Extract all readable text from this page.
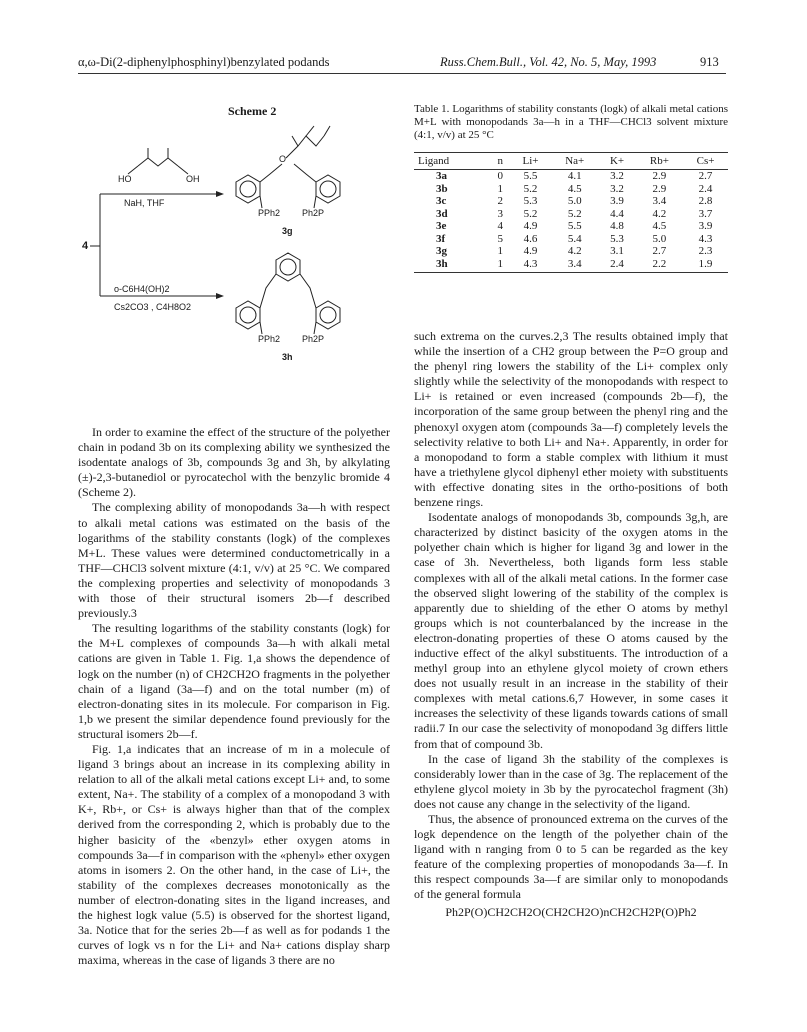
α,ω-Di(2-diphenylphosphinyl)benzylated podands	Russ.Chem.Bull., Vol. 42, No. 5, May, 1993	913
Scheme 2
HO	OH
NaH, THF
4
o-C6H4(OH)2
Cs2CO3 , C4H8O2
PPh2 Ph2P
O
3g
PPh2 Ph2P
3h
Table 1. Logarithms of stability constants (logk) of alkali metal cations M+L with monopodands 3a—h in a THF—CHCl3 solvent mixture (4:1, v/v) at 25 °C
Ligand	n	Li+	Na+	K+	Rb+	Cs+
3a	0	5.5	4.1	3.2	2.9	2.7
3b	1	5.2	4.5	3.2	2.9	2.4
3c	2	5.3	5.0	3.9	3.4	2.8
3d	3	5.2	5.2	4.4	4.2	3.7
3e	4	4.9	5.5	4.8	4.5	3.9
3f	5	4.6	5.4	5.3	5.0	4.3
3g	1	4.9	4.2	3.1	2.7	2.3
3h	1	4.3	3.4	2.4	2.2	1.9

In order to examine the effect of the structure of the polyether chain in podand 3b on its complexing ability we synthesized the isodentate analogs of 3b, compounds 3g and 3h, by alkylating (±)-2,3-butanediol or pyrocatechol with the benzylic bromide 4 (Scheme 2).

The complexing ability of monopodands 3a—h with respect to alkali metal cations was estimated on the basis of the logarithms of the stability constants (logk) of the complexes M+L. These values were determined conductometrically in a THF—CHCl3 solvent mixture (4:1, v/v) at 25 °C. We compared the complexing properties and selectivity of monopodands 3 with those of their structural isomers 2b—f described previously.3

The resulting logarithms of the stability constants (logk) for the M+L complexes of compounds 3a—h with alkali metal cations are given in Table 1. Fig. 1,a shows the dependence of logk on the number (n) of CH2CH2O fragments in the polyether chain of a ligand (3a—f) and on the total number (m) of electron-donating sites in its molecule. For comparison in Fig. 1,b we present the similar dependence found previously for the structural isomers 2b—f.

Fig. 1,a indicates that an increase of m in a molecule of ligand 3 brings about an increase in its complexing ability in relation to all of the alkali metal cations except Li+ and, to some extent, Na+. The stability of a complex of a monopodand 3 with K+, Rb+, or Cs+ is always higher than that of the complex derived from the corresponding 2, which is probably due to the higher basicity of the «benzyl» ether oxygen atoms in compounds 3a—f in comparison with the «phenyl» ether oxygen atoms in isomers 2. On the other hand, in the case of Li+, the stability of the complexes decreases monotonically as the number of electron-donating sites in the ligand increases, and the highest logk value (5.5) is observed for the shortest ligand, 3a. Notice that for the series 2b—f as well as for podands 1 the curves of logk vs n for the Li+ and Na+ cations display sharp maxima, whereas in the case of ligands 3 there are no

such extrema on the curves.2,3 The results obtained imply that while the insertion of a CH2 group between the P=O group and the phenyl ring lowers the stability of the Li+ complex only slightly while the selectivity of the monopodands with respect to Li+ is retained or even increased (compounds 2b—f), the incorporation of the same group between the phenyl ring and the phenoxyl oxygen atom (compounds 3a—f) completely levels the selectivity relative to both Li+ and Na+. Apparently, in order for a monopodand to form a stable complex with lithium it must have a triethylene glycol diphenyl ether moiety with substituents with effective donating sites in the ortho-positions of both benzene rings.

Isodentate analogs of monopodands 3b, compounds 3g,h, are characterized by distinct basicity of the oxygen atoms in the polyether chain which is higher for ligand 3g and lower in the case of 3h. Nevertheless, both ligands form less stable complexes with all of the alkali metal cations. In the former case the observed slight lowering of the stability of the complex is apparently due to shielding of the ether O atoms by methyl groups which is not counterbalanced by the increase in the electron-donating properties of these O atoms caused by the inductive effect of the alkyl substituents. The introduction of a methyl group into an ethylene glycol moiety of crown ethers does not usually result in an increase in the stability of their complexes with metal cations.6,7 However, in some cases it increases the selectivity of these ligands towards cations of small radii.7 In our case the selectivity of monopodand 3g differs little from that of compound 3b.

In the case of ligand 3h the stability of the complexes is considerably lower than in the case of 3g. The replacement of the ethylene glycol moiety in 3b by the pyrocatechol fragment (3h) does not cause any change in the selectivity of the ligand.

Thus, the absence of pronounced extrema on the curves of the logk dependence on the length of the polyether chain of the ligand with n ranging from 0 to 5 can be regarded as the key feature of the complexing properties of monopodands 3a—f. In this respect compounds 3a—f are similar only to monopodands of the general formula

Ph2P(O)CH2CH2O(CH2CH2O)nCH2CH2P(O)Ph2
